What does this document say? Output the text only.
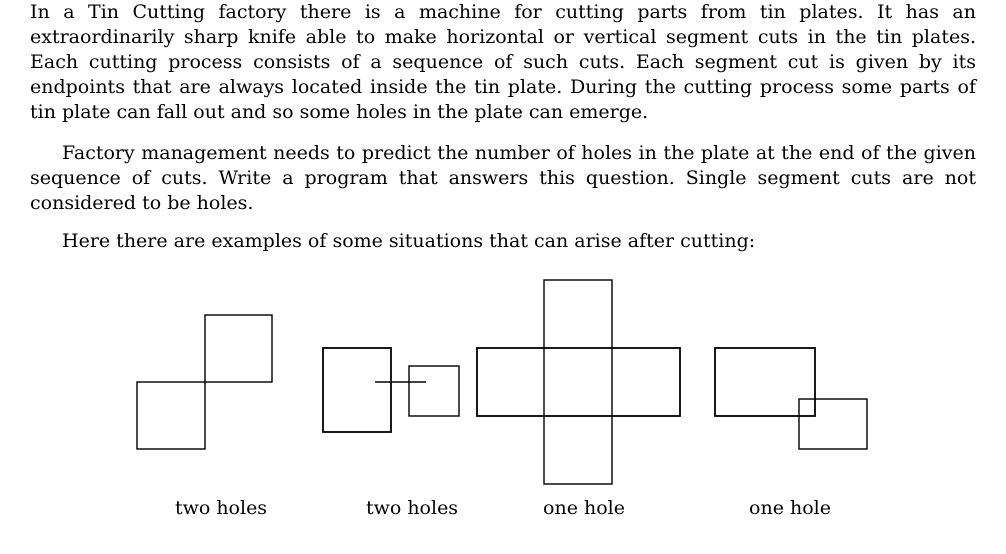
In a Tin Cutting factory there is a machine for cutting parts from tin plates. It has an extraordinarily sharp knife able to make horizontal or vertical segment cuts in the tin plates. Each cutting process consists of a sequence of such cuts. Each segment cut is given by its endpoints that are always located inside the tin plate. During the cutting process some parts of tin plate can fall out and so some holes in the plate can emerge.

Factory management needs to predict the number of holes in the plate at the end of the given sequence of cuts. Write a program that answers this question. Single segment cuts are not considered to be holes.

Here there are examples of some situations that can arise after cutting:

two holes	two holes	one hole	one hole
